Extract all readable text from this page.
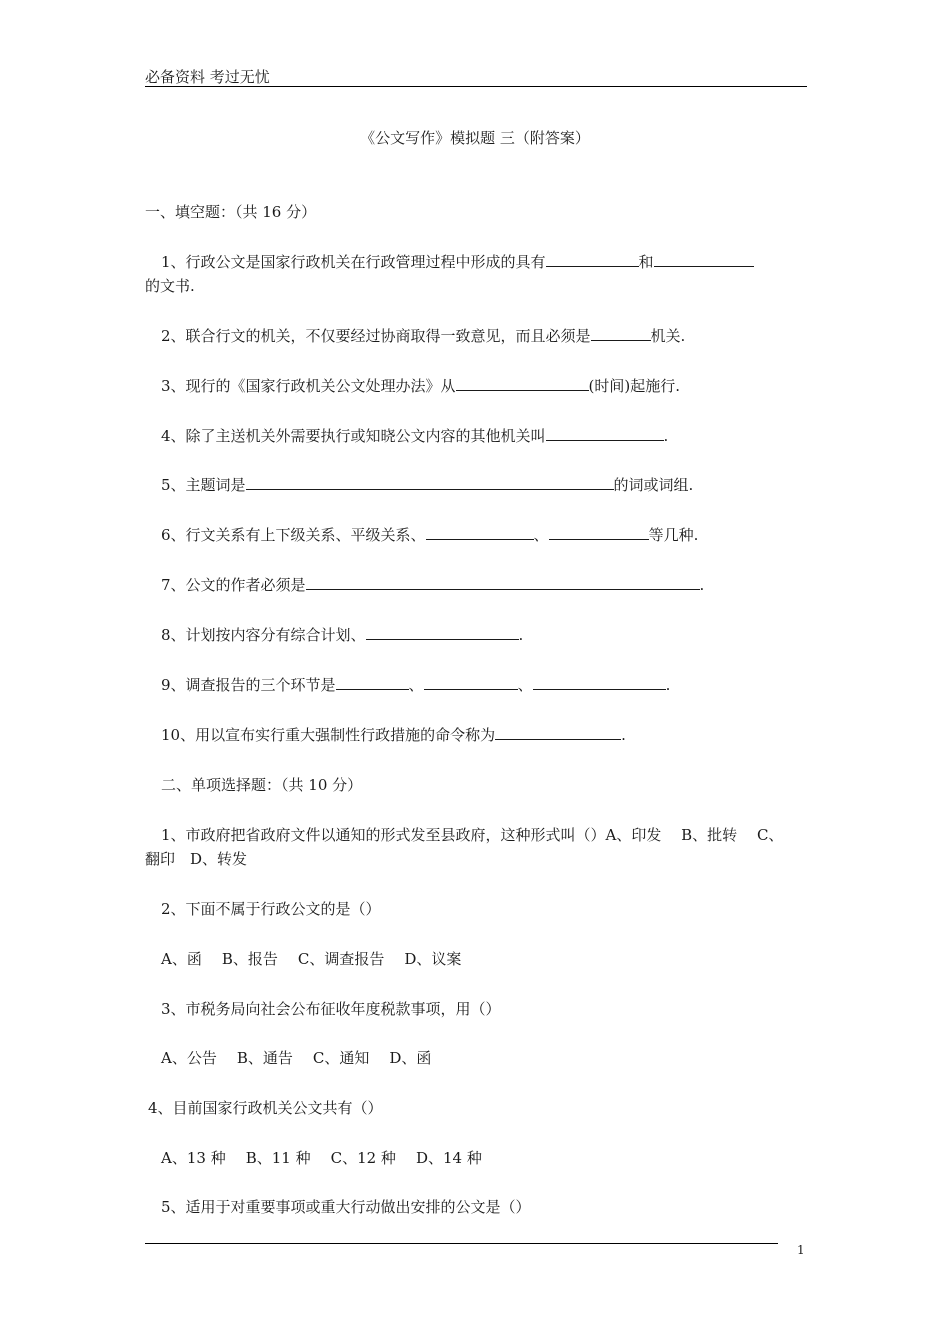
必备资料 考过无忧
《公文写作》模拟题 三（附答案）
一、填空题：（共 16 分）
1、行政公文是国家行政机关在行政管理过程中形成的具有	和
的文书.
2、联合行文的机关，不仅要经过协商取得一致意见，而且必须是	机关.
3、现行的《国家行政机关公文处理办法》从	(时间)起施行.
4、除了主送机关外需要执行或知晓公文内容的其他机关叫	.
5、主题词是	的词或词组.
6、行文关系有上下级关系、平级关系、	、	等几种.
7、公文的作者必须是	.
8、计划按内容分有综合计划、	.
9、调查报告的三个环节是	、	、	.
10、用以宣布实行重大强制性行政措施的命令称为	.
二、单项选择题：（共 10 分）
1、市政府把省政府文件以通知的形式发至县政府，这种形式叫（）A、印发　 B、批转　 C、
翻印　D、转发
2、下面不属于行政公文的是（）
A、函 B、报告 C、调查报告 D、议案
3、市税务局向社会公布征收年度税款事项，用（）
A、公告 B、通告 C、通知 D、函
4、目前国家行政机关公文共有（）
A、13 种 B、11 种 C、12 种 D、14 种
5、适用于对重要事项或重大行动做出安排的公文是（）
1
